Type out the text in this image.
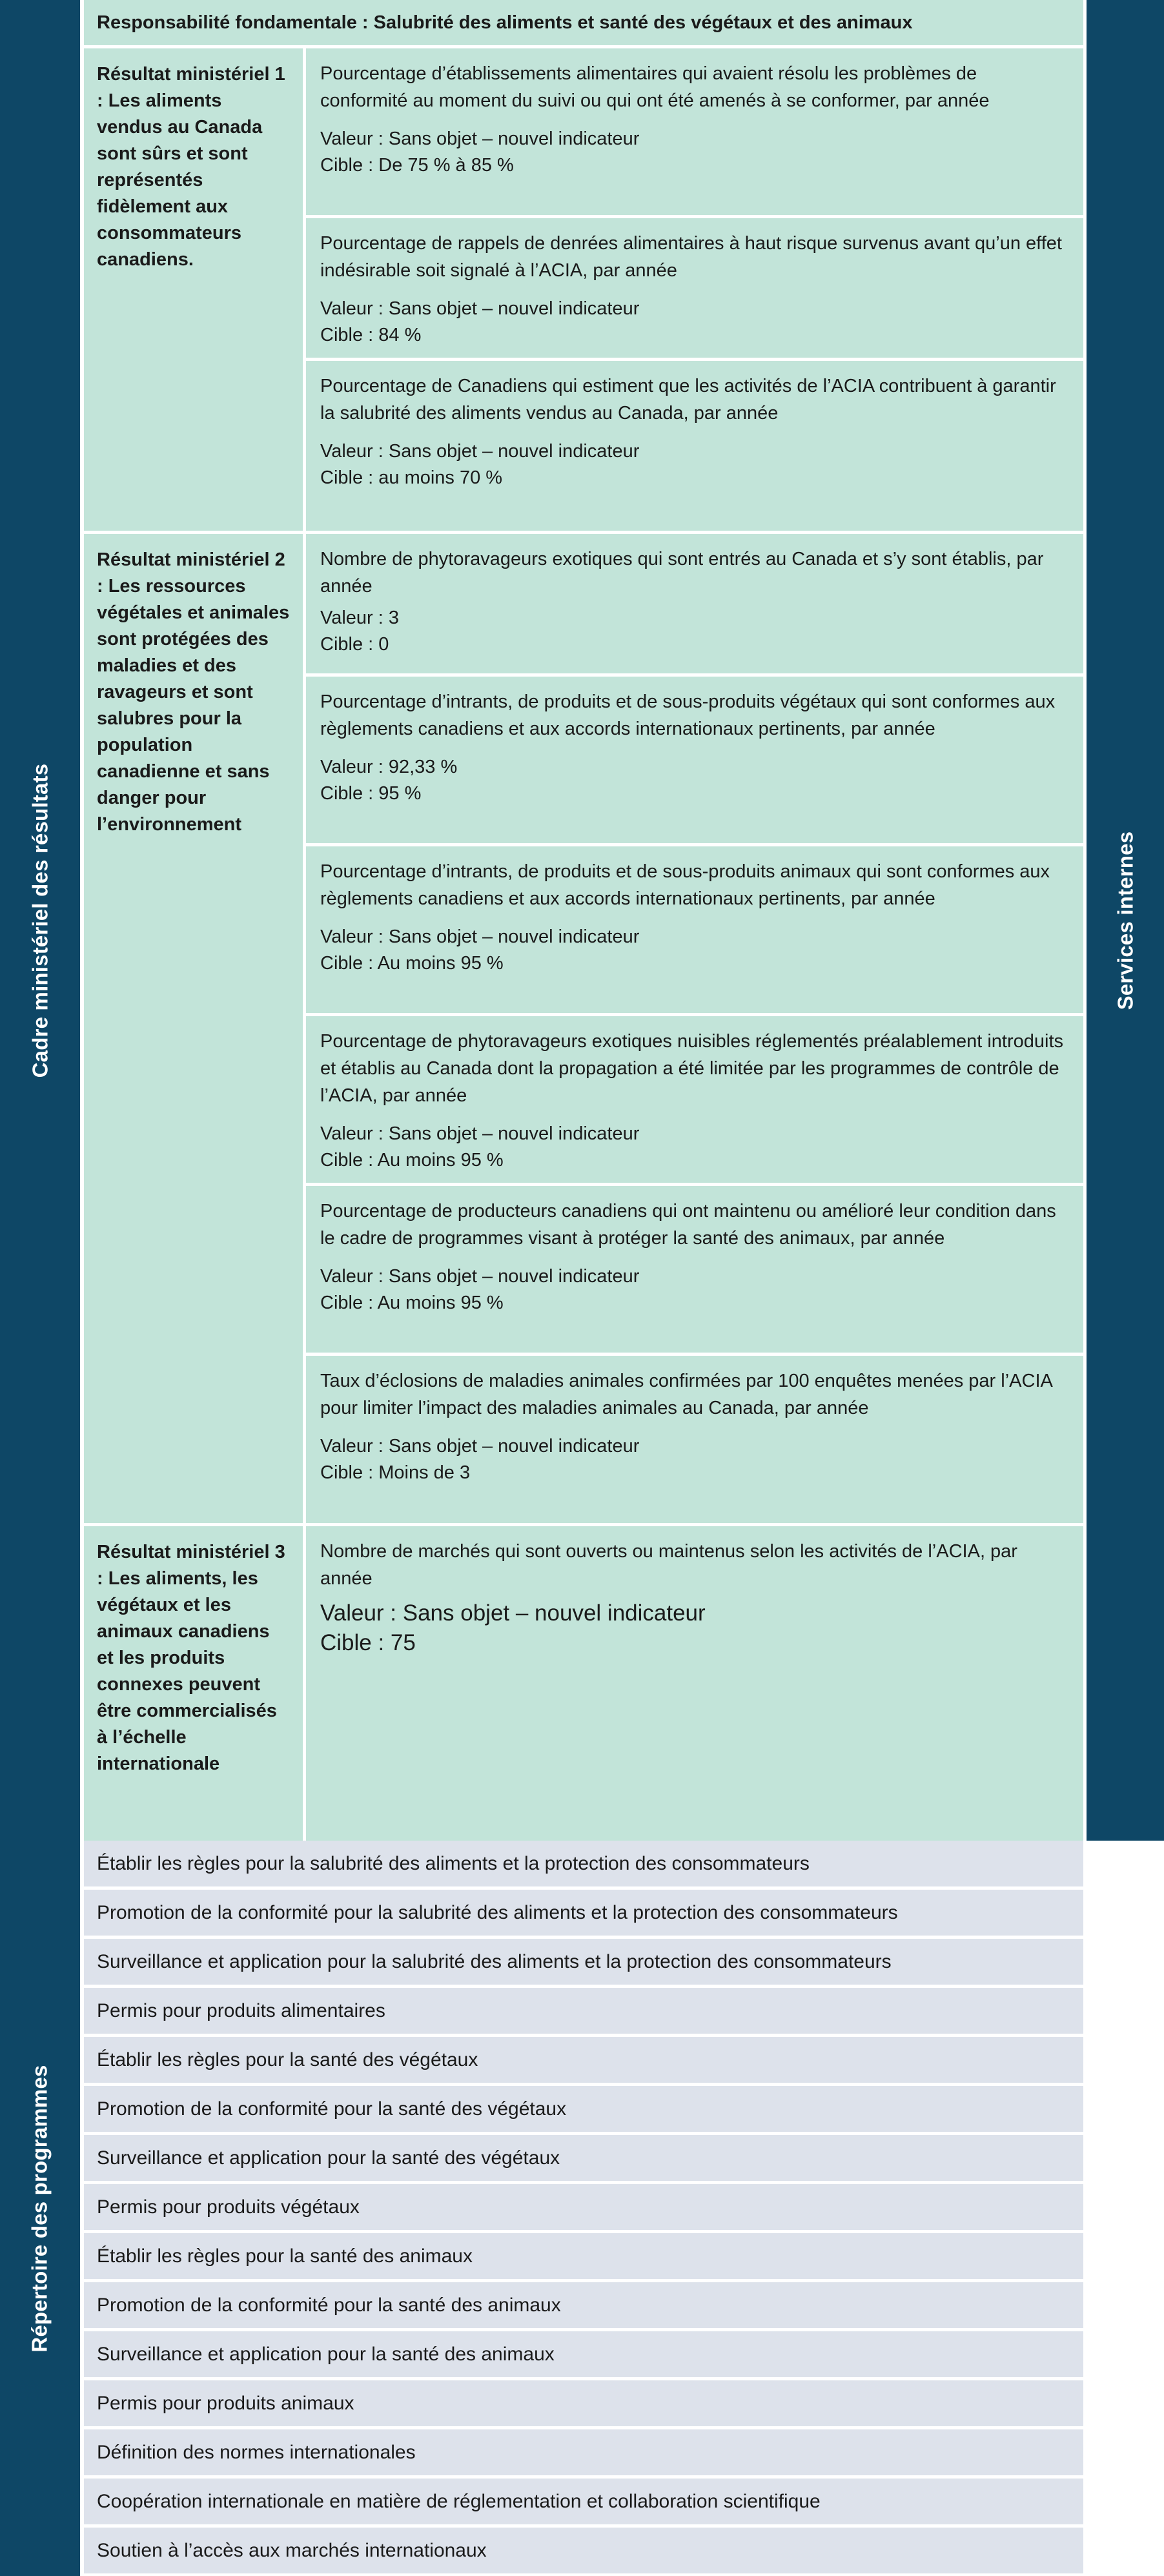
Cadre ministériel des résultats	Services internes
Répertoire des programmes
Responsabilité fondamentale : Salubrité des aliments et santé des végétaux et des animaux
Résultat ministériel 1 : Les aliments vendus au Canada sont sûrs et sont représentés fidèlement aux consommateurs canadiens.
Pourcentage d’établissements alimentaires qui avaient résolu les problèmes de conformité au moment du suivi ou qui ont été amenés à se conformer, par année
Valeur : Sans objet – nouvel indicateur
Cible : De 75 % à 85 %
Pourcentage de rappels de denrées alimentaires à haut risque survenus avant qu’un effet indésirable soit signalé à l’ACIA, par année
Valeur : Sans objet – nouvel indicateur
Cible : 84 %
Pourcentage de Canadiens qui estiment que les activités de l’ACIA contribuent à garantir la salubrité des aliments vendus au Canada, par année
Valeur : Sans objet – nouvel indicateur
Cible : au moins 70 %
Résultat ministériel 2 : Les ressources végétales et animales sont protégées des maladies et des ravageurs et sont salubres pour la population canadienne et sans danger pour l’environnement
Nombre de phytoravageurs exotiques qui sont entrés au Canada et s’y sont établis, par année
Valeur : 3
Cible : 0
Pourcentage d’intrants, de produits et de sous-produits végétaux qui sont conformes aux règlements canadiens et aux accords internationaux pertinents, par année
Valeur : 92,33 %
Cible : 95 %
Pourcentage d’intrants, de produits et de sous-produits animaux qui sont conformes aux règlements canadiens et aux accords internationaux pertinents, par année
Valeur : Sans objet – nouvel indicateur
Cible : Au moins 95 %
Pourcentage de phytoravageurs exotiques nuisibles réglementés préalablement introduits et établis au Canada dont la propagation a été limitée par les programmes de contrôle de l’ACIA, par année
Valeur : Sans objet – nouvel indicateur
Cible : Au moins 95 %
Pourcentage de producteurs canadiens qui ont maintenu ou amélioré leur condition dans le cadre de programmes visant à protéger la santé des animaux, par année
Valeur : Sans objet – nouvel indicateur
Cible : Au moins 95 %
Taux d’éclosions de maladies animales confirmées par 100 enquêtes menées par l’ACIA pour limiter l’impact des maladies animales au Canada, par année
Valeur : Sans objet – nouvel indicateur
Cible : Moins de 3
Résultat ministériel 3 : Les aliments, les végétaux et les animaux canadiens et les produits connexes peuvent être commercialisés à l’échelle internationale
Nombre de marchés qui sont ouverts ou maintenus selon les activités de l’ACIA, par année
Valeur : Sans objet – nouvel indicateur
Cible : 75
Établir les règles pour la salubrité des aliments et la protection des consommateurs
Promotion de la conformité pour la salubrité des aliments et la protection des consommateurs
Surveillance et application pour la salubrité des aliments et la protection des consommateurs
Permis pour produits alimentaires
Établir les règles pour la santé des végétaux
Promotion de la conformité pour la santé des végétaux
Surveillance et application pour la santé des végétaux
Permis pour produits végétaux
Établir les règles pour la santé des animaux
Promotion de la conformité pour la santé des animaux
Surveillance et application pour la santé des animaux
Permis pour produits animaux
Définition des normes internationales
Coopération internationale en matière de réglementation et collaboration scientifique
Soutien à l’accès aux marchés internationaux
